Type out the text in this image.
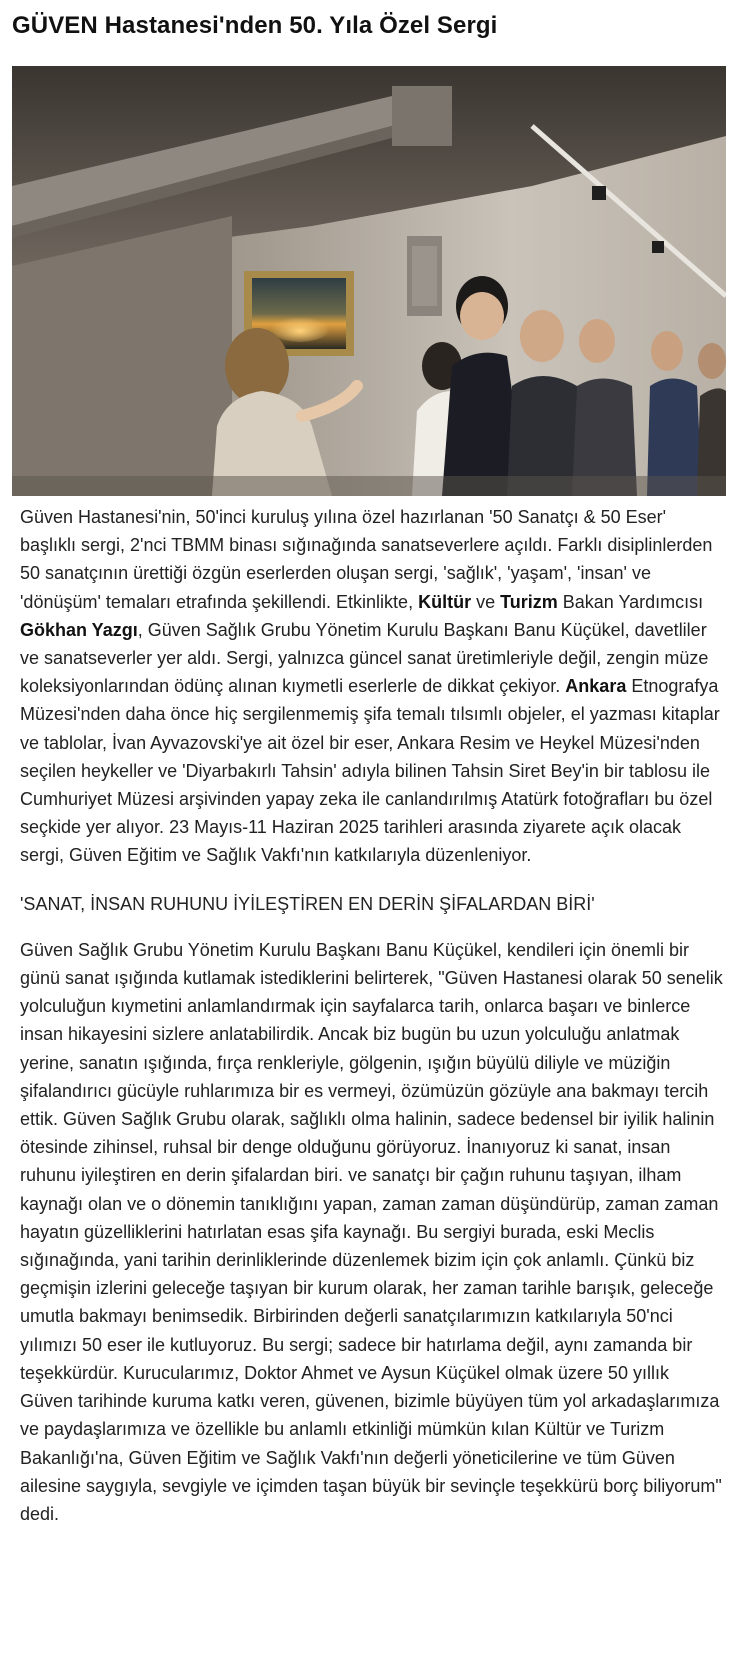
GÜVEN Hastanesi'nden 50. Yıla Özel Sergi

Güven Hastanesi'nin, 50'inci kuruluş yılına özel hazırlanan '50 Sanatçı & 50 Eser' başlıklı sergi, 2'nci TBMM binası sığınağında sanatseverlere açıldı. Farklı disiplinlerden 50 sanatçının ürettiği özgün eserlerden oluşan sergi, 'sağlık', 'yaşam', 'insan' ve 'dönüşüm' temaları etrafında şekillendi. Etkinlikte, Kültür ve Turizm Bakan Yardımcısı Gökhan Yazgı, Güven Sağlık Grubu Yönetim Kurulu Başkanı Banu Küçükel, davetliler ve sanatseverler yer aldı. Sergi, yalnızca güncel sanat üretimleriyle değil, zengin müze koleksiyonlarından ödünç alınan kıymetli eserlerle de dikkat çekiyor. Ankara Etnografya Müzesi'nden daha önce hiç sergilenmemiş şifa temalı tılsımlı objeler, el yazması kitaplar ve tablolar, İvan Ayvazovski'ye ait özel bir eser, Ankara Resim ve Heykel Müzesi'nden seçilen heykeller ve 'Diyarbakırlı Tahsin' adıyla bilinen Tahsin Siret Bey'in bir tablosu ile Cumhuriyet Müzesi arşivinden yapay zeka ile canlandırılmış Atatürk fotoğrafları bu özel seçkide yer alıyor. 23 Mayıs-11 Haziran 2025 tarihleri arasında ziyarete açık olacak sergi, Güven Eğitim ve Sağlık Vakfı'nın katkılarıyla düzenleniyor.

'SANAT, İNSAN RUHUNU İYİLEŞTİREN EN DERİN ŞİFALARDAN BİRİ'

Güven Sağlık Grubu Yönetim Kurulu Başkanı Banu Küçükel, kendileri için önemli bir günü sanat ışığında kutlamak istediklerini belirterek, "Güven Hastanesi olarak 50 senelik yolculuğun kıymetini anlamlandırmak için sayfalarca tarih, onlarca başarı ve binlerce insan hikayesini sizlere anlatabilirdik. Ancak biz bugün bu uzun yolculuğu anlatmak yerine, sanatın ışığında, fırça renkleriyle, gölgenin, ışığın büyülü diliyle ve müziğin şifalandırıcı gücüyle ruhlarımıza bir es vermeyi, özümüzün gözüyle ana bakmayı tercih ettik. Güven Sağlık Grubu olarak, sağlıklı olma halinin, sadece bedensel bir iyilik halinin ötesinde zihinsel, ruhsal bir denge olduğunu görüyoruz. İnanıyoruz ki sanat, insan ruhunu iyileştiren en derin şifalardan biri. ve sanatçı bir çağın ruhunu taşıyan, ilham kaynağı olan ve o dönemin tanıklığını yapan, zaman zaman düşündürüp, zaman zaman hayatın güzelliklerini hatırlatan esas şifa kaynağı. Bu sergiyi burada, eski Meclis sığınağında, yani tarihin derinliklerinde düzenlemek bizim için çok anlamlı. Çünkü biz geçmişin izlerini geleceğe taşıyan bir kurum olarak, her zaman tarihle barışık, geleceğe umutla bakmayı benimsedik. Birbirinden değerli sanatçılarımızın katkılarıyla 50'nci yılımızı 50 eser ile kutluyoruz. Bu sergi; sadece bir hatırlama değil, aynı zamanda bir teşekkürdür. Kurucularımız, Doktor Ahmet ve Aysun Küçükel olmak üzere 50 yıllık Güven tarihinde kuruma katkı veren, güvenen, bizimle büyüyen tüm yol arkadaşlarımıza ve paydaşlarımıza ve özellikle bu anlamlı etkinliği mümkün kılan Kültür ve Turizm Bakanlığı'na, Güven Eğitim ve Sağlık Vakfı'nın değerli yöneticilerine ve tüm Güven ailesine saygıyla, sevgiyle ve içimden taşan büyük bir sevinçle teşekkürü borç biliyorum" dedi.
